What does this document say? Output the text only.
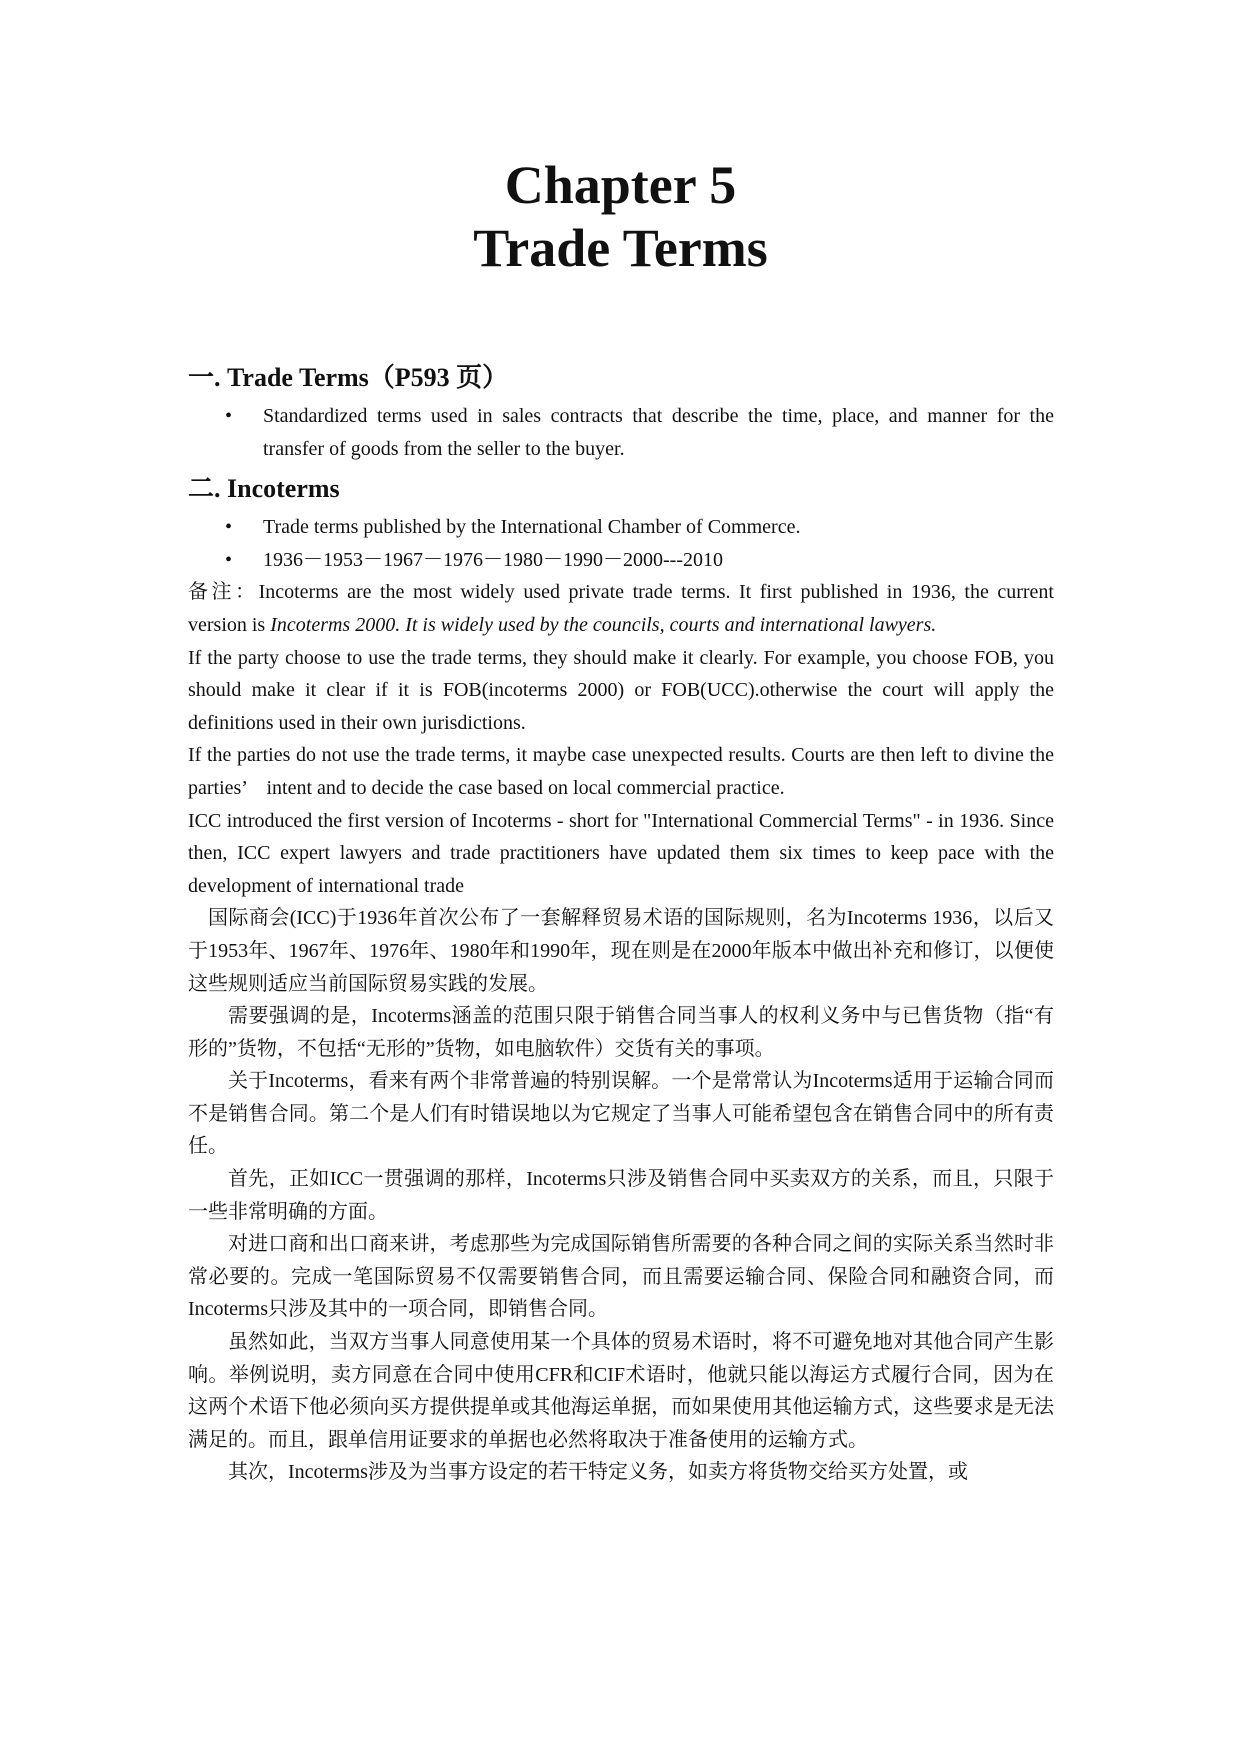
Chapter 5
Trade Terms
一. Trade Terms（P593 页）
• Standardized terms used in sales contracts that describe the time, place, and manner for the transfer of goods from the seller to the buyer.
二. Incoterms
• Trade terms published by the International Chamber of Commerce.
• 1936－1953－1967－1976－1980－1990－2000---2010

备注：Incoterms are the most widely used private trade terms. It first published in 1936, the current version is Incoterms 2000. It is widely used by the councils, courts and international lawyers.

If the party choose to use the trade terms, they should make it clearly. For example, you choose FOB, you should make it clear if it is FOB(incoterms 2000) or FOB(UCC).otherwise the court will apply the definitions used in their own jurisdictions.

If the parties do not use the trade terms, it maybe case unexpected results. Courts are then left to divine the parties’　intent and to decide the case based on local commercial practice.

ICC introduced the first version of Incoterms - short for "International Commercial Terms" - in 1936. Since then, ICC expert lawyers and trade practitioners have updated them six times to keep pace with the development of international trade

国际商会(ICC)于1936年首次公布了一套解释贸易术语的国际规则，名为Incoterms 1936，以后又于1953年、1967年、1976年、1980年和1990年，现在则是在2000年版本中做出补充和修订，以便使这些规则适应当前国际贸易实践的发展。

需要强调的是，Incoterms涵盖的范围只限于销售合同当事人的权利义务中与已售货物（指“有形的”货物，不包括“无形的”货物，如电脑软件）交货有关的事项。

关于Incoterms，看来有两个非常普遍的特别误解。一个是常常认为Incoterms适用于运输合同而不是销售合同。第二个是人们有时错误地以为它规定了当事人可能希望包含在销售合同中的所有责任。

首先，正如ICC一贯强调的那样，Incoterms只涉及销售合同中买卖双方的关系，而且，只限于一些非常明确的方面。

对进口商和出口商来讲，考虑那些为完成国际销售所需要的各种合同之间的实际关系当然时非常必要的。完成一笔国际贸易不仅需要销售合同，而且需要运输合同、保险合同和融资合同，而Incoterms只涉及其中的一项合同，即销售合同。

虽然如此，当双方当事人同意使用某一个具体的贸易术语时，将不可避免地对其他合同产生影响。举例说明，卖方同意在合同中使用CFR和CIF术语时，他就只能以海运方式履行合同，因为在这两个术语下他必须向买方提供提单或其他海运单据，而如果使用其他运输方式，这些要求是无法满足的。而且，跟单信用证要求的单据也必然将取决于准备使用的运输方式。

其次，Incoterms涉及为当事方设定的若干特定义务，如卖方将货物交给买方处置，或
